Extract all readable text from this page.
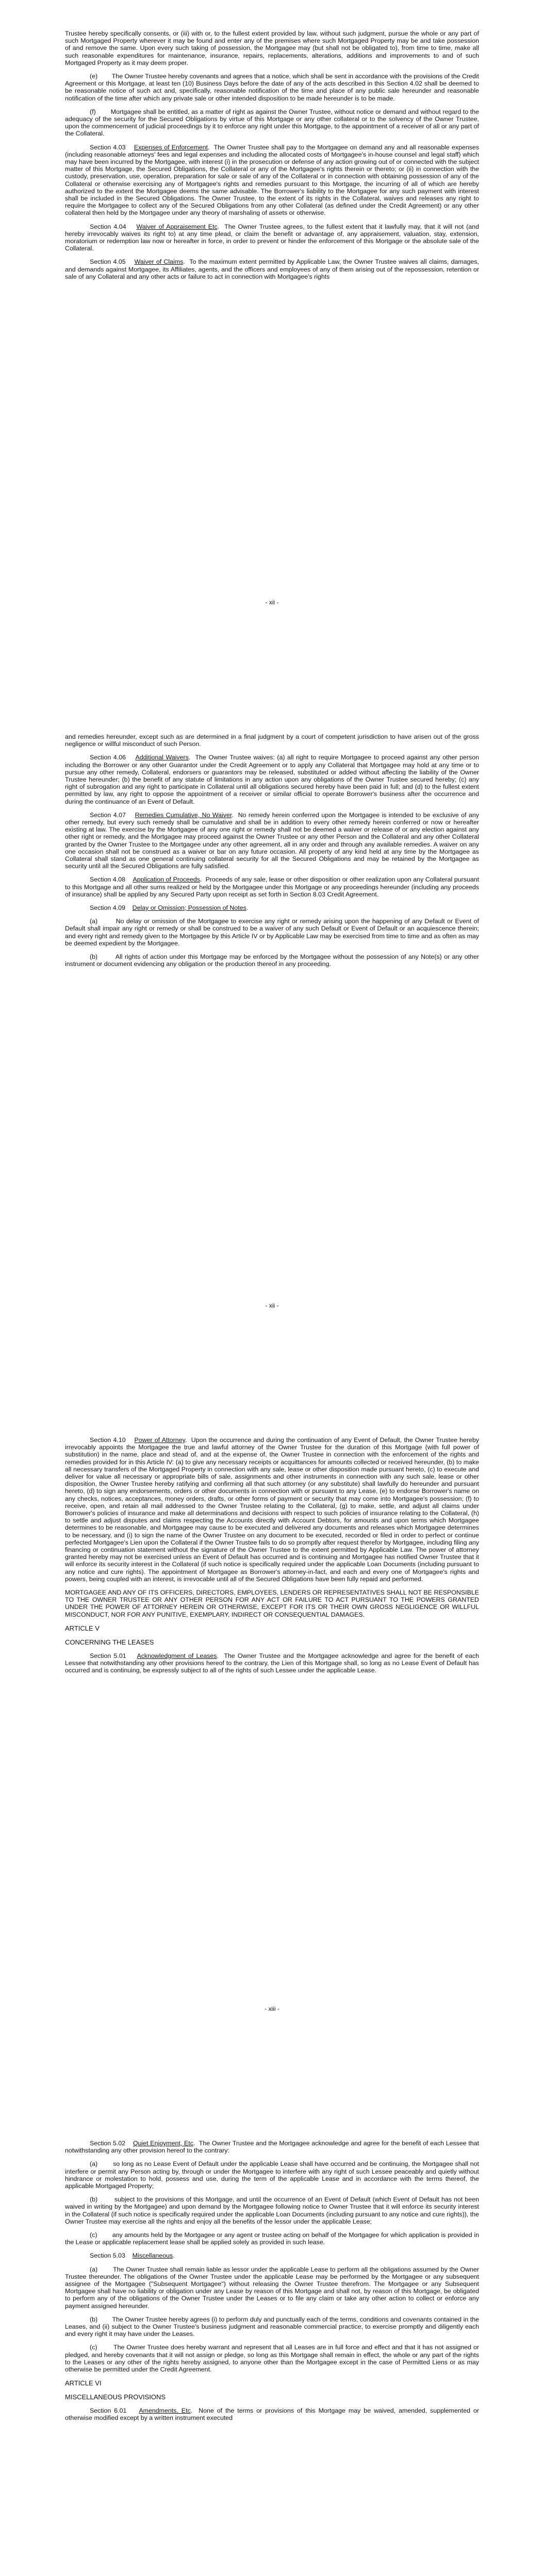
Trustee hereby specifically consents, or (iii) with or, to the fullest extent provided by law, without such judgment, pursue the whole or any part of such Mortgaged Property wherever it may be found and enter any of the premises where such Mortgaged Property may be and take possession of and remove the same. Upon every such taking of possession, the Mortgagee may (but shall not be obligated to), from time to time, make all such reasonable expenditures for maintenance, insurance, repairs, replacements, alterations, additions and improvements to and of such Mortgaged Property as it may deem proper.

(e) The Owner Trustee hereby covenants and agrees that a notice, which shall be sent in accordance with the provisions of the Credit Agreement or this Mortgage, at least ten (10) Business Days before the date of any of the acts described in this Section 4.02 shall be deemed to be reasonable notice of such act and, specifically, reasonable notification of the time and place of any public sale hereunder and reasonable notification of the time after which any private sale or other intended disposition to be made hereunder is to be made.

(f) Mortgagee shall be entitled, as a matter of right as against the Owner Trustee, without notice or demand and without regard to the adequacy of the security for the Secured Obligations by virtue of this Mortgage or any other collateral or to the solvency of the Owner Trustee, upon the commencement of judicial proceedings by it to enforce any right under this Mortgage, to the appointment of a receiver of all or any part of the Collateral.

Section 4.03 Expenses of Enforcement.  The Owner Trustee shall pay to the Mortgagee on demand any and all reasonable expenses (including reasonable attorneys' fees and legal expenses and including the allocated costs of Mortgagee's in-house counsel and legal staff) which may have been incurred by the Mortgagee, with interest (i) in the prosecution or defense of any action growing out of or connected with the subject matter of this Mortgage, the Secured Obligations, the Collateral or any of the Mortgagee's rights therein or thereto; or (ii) in connection with the custody, preservation, use, operation, preparation for sale or sale of any of the Collateral or in connection with obtaining possession of any of the Collateral or otherwise exercising any of Mortgagee's rights and remedies pursuant to this Mortgage, the incurring of all of which are hereby authorized to the extent the Mortgagee deems the same advisable. The Borrower's liability to the Mortgagee for any such payment with interest shall be included in the Secured Obligations. The Owner Trustee, to the extent of its rights in the Collateral, waives and releases any right to require the Mortgagee to collect any of the Secured Obligations from any other Collateral (as defined under the Credit Agreement) or any other collateral then held by the Mortgagee under any theory of marshaling of assets or otherwise.

Section 4.04 Waiver of Appraisement Etc.  The Owner Trustee agrees, to the fullest extent that it lawfully may, that it will not (and hereby irrevocably waives its right to) at any time plead, or claim the benefit or advantage of, any appraisement, valuation, stay, extension, moratorium or redemption law now or hereafter in force, in order to prevent or hinder the enforcement of this Mortgage or the absolute sale of the Collateral.

Section 4.05 Waiver of Claims.  To the maximum extent permitted by Applicable Law, the Owner Trustee waives all claims, damages, and demands against Mortgagee, its Affiliates, agents, and the officers and employees of any of them arising out of the repossession, retention or sale of any Collateral and any other acts or failure to act in connection with Mortgagee's rights

- xii -

and remedies hereunder, except such as are determined in a final judgment by a court of competent jurisdiction to have arisen out of the gross negligence or willful misconduct of such Person.

Section 4.06 Additional Waivers.  The Owner Trustee waives: (a) all right to require Mortgagee to proceed against any other person including the Borrower or any other Guarantor under the Credit Agreement or to apply any Collateral that Mortgagee may hold at any time or to pursue any other remedy, Collateral, endorsers or guarantors may be released, substituted or added without affecting the liability of the Owner Trustee hereunder; (b) the benefit of any statute of limitations in any action upon any obligations of the Owner Trustee secured hereby; (c) any right of subrogation and any right to participate in Collateral until all obligations secured hereby have been paid in full; and (d) to the fullest extent permitted by law, any right to oppose the appointment of a receiver or similar official to operate Borrower's business after the occurrence and during the continuance of an Event of Default.

Section 4.07 Remedies Cumulative, No Waiver.  No remedy herein conferred upon the Mortgagee is intended to be exclusive of any other remedy, but every such remedy shall be cumulative and shall be in addition to every other remedy herein conferred or now or hereafter existing at law. The exercise by the Mortgagee of any one right or remedy shall not be deemed a waiver or release of or any election against any other right or remedy, and the Mortgagee may proceed against the Owner Trustee or any other Person and the Collateral and any other Collateral granted by the Owner Trustee to the Mortgagee under any other agreement, all in any order and through any available remedies. A waiver on any one occasion shall not be construed as a waiver or bar on any future occasion. All property of any kind held at any time by the Mortgagee as Collateral shall stand as one general continuing collateral security for all the Secured Obligations and may be retained by the Mortgagee as security until all the Secured Obligations are fully satisfied.

Section 4.08 Application of Proceeds.  Proceeds of any sale, lease or other disposition or other realization upon any Collateral pursuant to this Mortgage and all other sums realized or held by the Mortgagee under this Mortgage or any proceedings hereunder (including any proceeds of insurance) shall be applied by any Secured Party upon receipt as set forth in Section 8.03 Credit Agreement.

Section 4.09 Delay or Omission; Possession of Notes.

(a)	No delay or omission of the Mortgagee to exercise any right or remedy arising upon the happening of any Default or Event of Default shall impair any right or remedy or shall be construed to be a waiver of any such Default or Event of Default or an acquiescence therein; and every right and remedy given to the Mortgagee by this Article IV or by Applicable Law may be exercised from time to time and as often as may be deemed expedient by the Mortgagee.

(b)	All rights of action under this Mortgage may be enforced by the Mortgagee without the possession of any Note(s) or any other instrument or document evidencing any obligation or the production thereof in any proceeding.

- xii -

Section 4.10 Power of Attorney.  Upon the occurrence and during the continuation of any Event of Default, the Owner Trustee hereby irrevocably appoints the Mortgagee the true and lawful attorney of the Owner Trustee for the duration of this Mortgage (with full power of substitution) in the name, place and stead of, and at the expense of, the Owner Trustee in connection with the enforcement of the rights and remedies provided for in this Article IV: (a) to give any necessary receipts or acquittances for amounts collected or received hereunder, (b) to make all necessary transfers of the Mortgaged Property in connection with any sale, lease or other disposition made pursuant hereto, (c) to execute and deliver for value all necessary or appropriate bills of sale, assignments and other instruments in connection with any such sale, lease or other disposition, the Owner Trustee hereby ratifying and confirming all that such attorney (or any substitute) shall lawfully do hereunder and pursuant hereto, (d) to sign any endorsements, orders or other documents in connection with or pursuant to any Lease, (e) to endorse Borrower's name on any checks, notices, acceptances, money orders, drafts, or other forms of payment or security that may come into Mortgagee's possession; (f) to receive, open, and retain all mail addressed to the Owner Trustee relating to the Collateral, (g) to make, settle, and adjust all claims under Borrower's policies of insurance and make all determinations and decisions with respect to such policies of insurance relating to the Collateral, (h) to settle and adjust disputes and claims respecting the Accounts directly with Account Debtors, for amounts and upon terms which Mortgagee determines to be reasonable, and Mortgagee may cause to be executed and delivered any documents and releases which Mortgagee determines to be necessary, and (i) to sign the name of the Owner Trustee on any document to be executed, recorded or filed in order to perfect or continue perfected Mortgagee's Lien upon the Collateral if the Owner Trustee fails to do so promptly after request therefor by Mortgagee, including filing any financing or continuation statement without the signature of the Owner Trustee to the extent permitted by Applicable Law. The power of attorney granted hereby may not be exercised unless an Event of Default has occurred and is continuing and Mortgagee has notified Owner Trustee that it will enforce its security interest in the Collateral (if such notice is specifically required under the applicable Loan Documents (including pursuant to any notice and cure rights). The appointment of Mortgagee as Borrower's attorney-in-fact, and each and every one of Mortgagee's rights and powers, being coupled with an interest, is irrevocable until all of the Secured Obligations have been fully repaid and performed.

MORTGAGEE AND ANY OF ITS OFFICERS, DIRECTORS, EMPLOYEES, LENDERS OR REPRESENTATIVES SHALL NOT BE RESPONSIBLE TO THE OWNER TRUSTEE OR ANY OTHER PERSON FOR ANY ACT OR FAILURE TO ACT PURSUANT TO THE POWERS GRANTED UNDER THE POWER OF ATTORNEY HEREIN OR OTHERWISE, EXCEPT FOR ITS OR THEIR OWN GROSS NEGLIGENCE OR WILLFUL MISCONDUCT, NOR FOR ANY PUNITIVE, EXEMPLARY, INDIRECT OR CONSEQUENTIAL DAMAGES.

ARTICLE V

CONCERNING THE LEASES

Section 5.01 Acknowledgment of Leases.  The Owner Trustee and the Mortgagee acknowledge and agree for the benefit of each Lessee that notwithstanding any other provisions hereof to the contrary, the Lien of this Mortgage shall, so long as no Lease Event of Default has occurred and is continuing, be expressly subject to all of the rights of such Lessee under the applicable Lease.

- xiii -

Section 5.02 Quiet Enjoyment, Etc.  The Owner Trustee and the Mortgagee acknowledge and agree for the benefit of each Lessee that notwithstanding any other provision hereof to the contrary:

(a) so long as no Lease Event of Default under the applicable Lease shall have occurred and be continuing, the Mortgagee shall not interfere or permit any Person acting by, through or under the Mortgagee to interfere with any right of such Lessee peaceably and quietly without hindrance or molestation to hold, possess and use, during the term of the applicable Lease and in accordance with the terms thereof, the applicable Mortgaged Property;

(b)	subject to the provisions of this Mortgage, and until the occurrence of an Event of Default (which Event of Default has not been waived in writing by the Mortgagee) and upon demand by the Mortgagee following notice to Owner Trustee that it will enforce its security interest in the Collateral (if such notice is specifically required under the applicable Loan Documents (including pursuant to any notice and cure rights)), the Owner Trustee may exercise all the rights and enjoy all the benefits of the lessor under the applicable Lease;

(c) any amounts held by the Mortgagee or any agent or trustee acting on behalf of the Mortgagee for which application is provided in the Lease or applicable replacement lease shall be applied solely as provided in such lease.

Section 5.03 Miscellaneous.

(a) The Owner Trustee shall remain liable as lessor under the applicable Lease to perform all the obligations assumed by the Owner Trustee thereunder. The obligations of the Owner Trustee under the applicable Lease may be performed by the Mortgagee or any subsequent assignee of the Mortgagee ("Subsequent Mortgagee") without releasing the Owner Trustee therefrom. The Mortgagee or any Subsequent Mortgagee shall have no liability or obligation under any Lease by reason of this Mortgage and shall not, by reason of this Mortgage, be obligated to perform any of the obligations of the Owner Trustee under the Leases or to file any claim or take any other action to collect or enforce any payment assigned hereunder.

(b) The Owner Trustee hereby agrees (i) to perform duly and punctually each of the terms, conditions and covenants contained in the Leases, and (ii) subject to the Owner Trustee's business judgment and reasonable commercial practice, to exercise promptly and diligently each and every right it may have under the Leases.

(c)	The Owner Trustee does hereby warrant and represent that all Leases are in full force and effect and that it has not assigned or pledged, and hereby covenants that it will not assign or pledge, so long as this Mortgage shall remain in effect, the whole or any part of the rights to the Leases or any other of the rights hereby assigned, to anyone other than the Mortgagee except in the case of Permitted Liens or as may otherwise be permitted under the Credit Agreement.

ARTICLE VI

MISCELLANEOUS PROVISIONS

Section 6.01 Amendments, Etc.  None of the terms or provisions of this Mortgage may be waived, amended, supplemented or otherwise modified except by a written instrument executed
